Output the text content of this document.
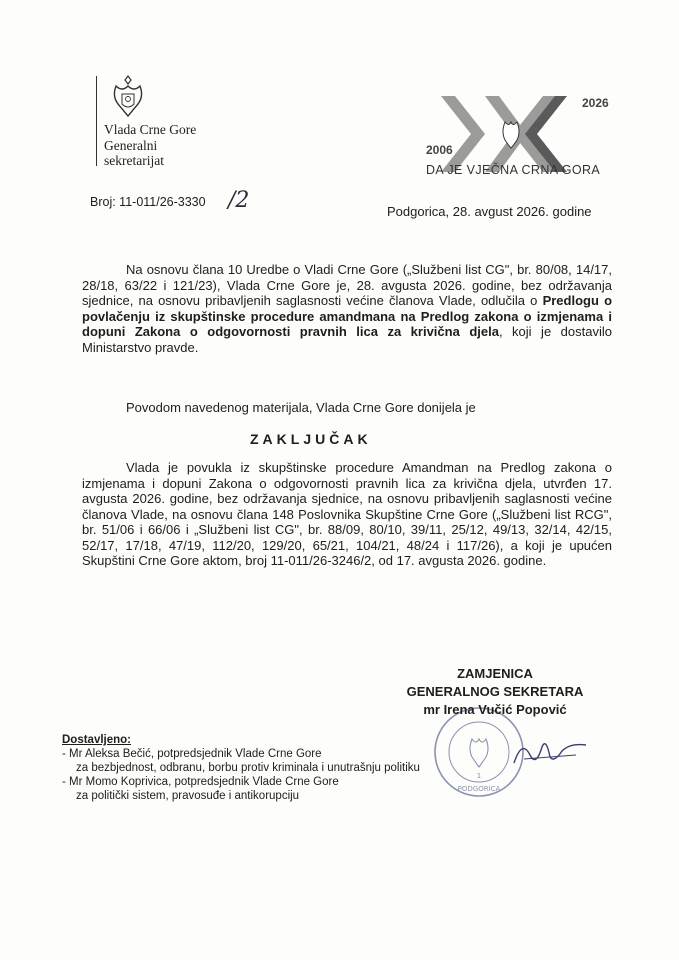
Vlada Crne Gore
Generalni
sekretarijat
2026
2006
DA JE VJEČNA CRNA GORA
Broj: 11-011/26-3330 /2	Podgorica, 28. avgust 2026. godine
Na osnovu člana 10 Uredbe o Vladi Crne Gore („Službeni list CG", br. 80/08, 14/17, 28/18, 63/22 i 121/23), Vlada Crne Gore je, 28. avgusta 2026. godine, bez održavanja sjednice, na osnovu pribavljenih saglasnosti većine članova Vlade, odlučila o Predlogu o povlačenju iz skupštinske procedure amandmana na Predlog zakona o izmjenama i dopuni Zakona o odgovornosti pravnih lica za krivična djela, koji je dostavilo Ministarstvo pravde.
Povodom navedenog materijala, Vlada Crne Gore donijela je
ZAKLJUČAK
Vlada je povukla iz skupštinske procedure Amandman na Predlog zakona o izmjenama i dopuni Zakona o odgovornosti pravnih lica za krivična djela, utvrđen 17. avgusta 2026. godine, bez održavanja sjednice, na osnovu pribavljenih saglasnosti većine članova Vlade, na osnovu člana 148 Poslovnika Skupštine Crne Gore („Službeni list RCG", br. 51/06 i 66/06 i „Službeni list CG", br. 88/09, 80/10, 39/11, 25/12, 49/13, 32/14, 42/15, 52/17, 17/18, 47/19, 112/20, 129/20, 65/21, 104/21, 48/24 i 117/26), a koji je upućen Skupštini Crne Gore aktom, broj 11-011/26-3246/2, od 17. avgusta 2026. godine.
1
PODGORICA
ZAMJENICA
GENERALNOG SEKRETARA
mr Irena Vučić Popović
Dostavljeno:
- Mr Aleksa Bečić, potpredsjednik Vlade Crne Gore
za bezbjednost, odbranu, borbu protiv kriminala i unutrašnju politiku
- Mr Momo Koprivica, potpredsjednik Vlade Crne Gore
za politički sistem, pravosuđe i antikorupciju
